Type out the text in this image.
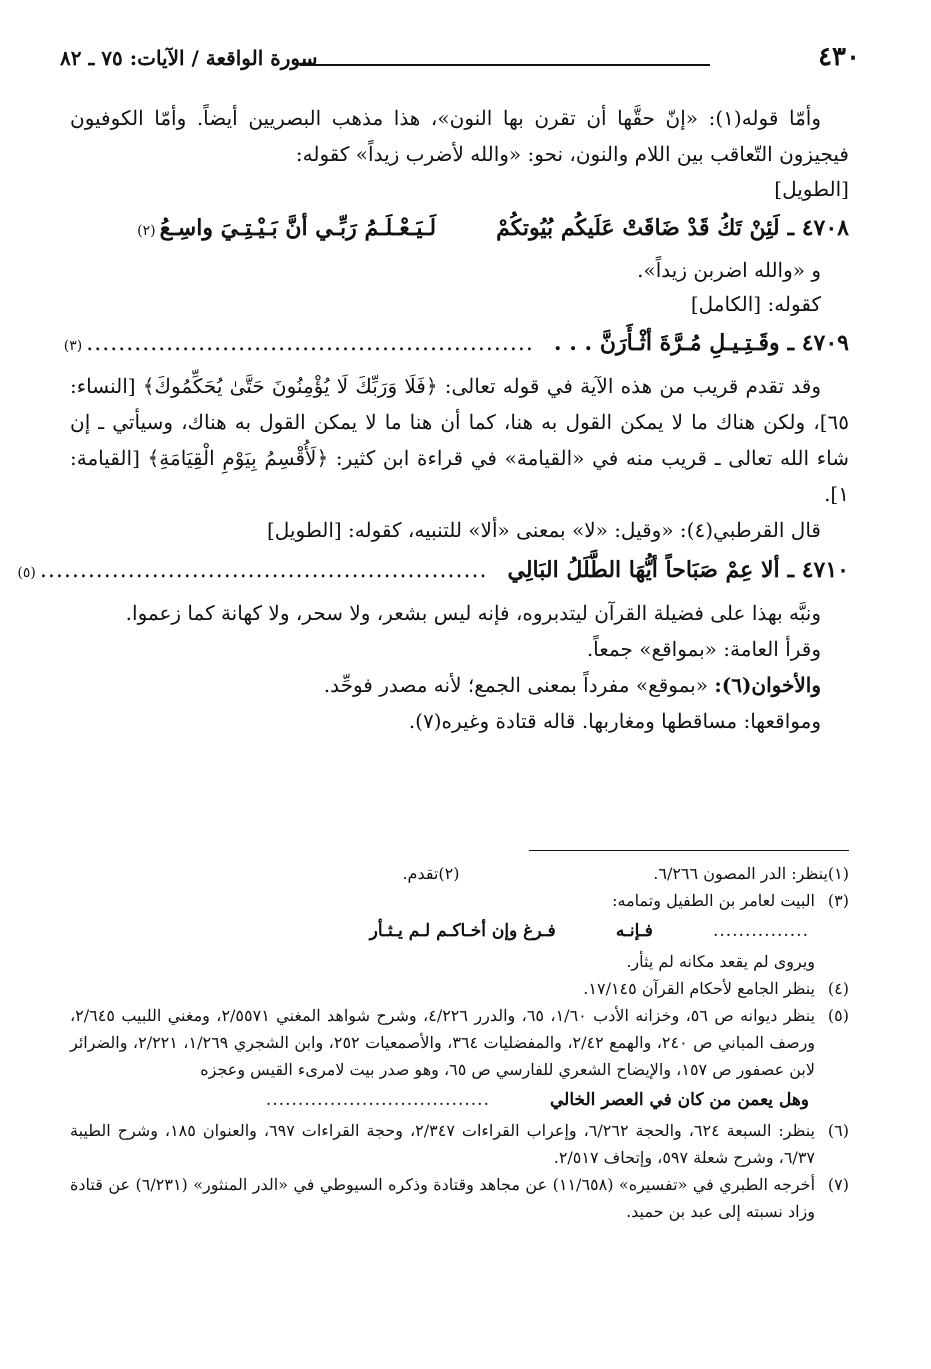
٤٣٠
سورة الواقعة / الآيات: ٧٥ ـ ٨٢

وأمّا قوله(١): «إنّ حقَّها أن تقرن بها النون»، هذا مذهب البصريين أيضاً. وأمّا الكوفيون فيجيزون التّعاقب بين اللام والنون، نحو: «والله لأضرب زيداً» كقوله:

[الطويل]
٤٧٠٨ ـ
لَئِنْ تَكُ قَدْ ضَاقَتْ عَلَيكُم بُيُوتكُمْ
لَـيَـعْـلَـمُ رَبِّـي أنَّ بَـيْـتِـيَ واسِـعُ
(٢)
و «والله اضربن زيداً».
كقوله: [الكامل]
٤٧٠٩ ـ
وقَـتِـيـلِ مُـرَّةَ أثْـأَرَنَّ . . .
........................................................
(٣)

وقد تقدم قريب من هذه الآية في قوله تعالى: ﴿فَلَا وَرَبِّكَ لَا يُؤْمِنُونَ حَتَّىٰ يُحَكِّمُوكَ﴾ [النساء: ٦٥]، ولكن هناك ما لا يمكن القول به هنا، كما أن هنا ما لا يمكن القول به هناك، وسيأتي ـ إن شاء الله تعالى ـ قريب منه في «القيامة» في قراءة ابن كثير: ﴿لَأُقْسِمُ بِيَوْمِ الْقِيَامَةِ﴾ [القيامة: ١].

قال القرطبي(٤): «وقيل: «لا» بمعنى «ألا» للتنبيه، كقوله: [الطويل]

٤٧١٠ ـ
ألا عِمْ صَبَاحاً أيُّهَا الطَّلَلُ البَالِي
........................................................
(٥)

ونبَّه بهذا على فضيلة القرآن ليتدبروه، فإنه ليس بشعر، ولا سحر، ولا كهانة كما زعموا.

وقرأ العامة: «بمواقع» جمعاً.

والأخوان(٦): «بموقع» مفرداً بمعنى الجمع؛ لأنه مصدر فوحِّد.

ومواقعها: مساقطها ومغاربها. قاله قتادة وغيره(٧).

(١)
ينظر: الدر المصون ٦/٢٦٦.
(٢)
تقدم.
(٣)
البيت لعامر بن الطفيل وتمامه:
...............
فـإنـه
فـرغ وإن أخـاكـم لـم يـثـأر
ويروى لم يقعد مكانه لم يثأر.
(٤)
ينظر الجامع لأحكام القرآن ١٧/١٤٥.
(٥)
ينظر ديوانه ص ٥٦، وخزانه الأدب ١/٦٠، ٦٥، والدرر ٤/٢٢٦، وشرح شواهد المغني ٢/٥٥٧١، ومغني اللبيب ٢/٦٤٥، ورصف المباني ص ٢٤٠، والهمع ٢/٤٢، والمفضليات ٣٦٤، والأصمعيات ٢٥٢، وابن الشجري ١/٢٦٩، ٢/٢٢١، والضرائر لابن عصفور ص ١٥٧، والإيضاح الشعري للفارسي ص ٦٥، وهو صدر بيت لامرىء القيس وعجزه
وهل يعمن من كان في العصر الخالي
...................................
(٦)
ينظر: السبعة ٦٢٤، والحجة ٦/٢٦٢، وإعراب القراءات ٢/٣٤٧، وحجة القراءات ٦٩٧، والعنوان ١٨٥، وشرح الطيبة ٦/٣٧، وشرح شعلة ٥٩٧، وإتحاف ٢/٥١٧.
(٧)
أخرجه الطبري في «تفسيره» (١١/٦٥٨) عن مجاهد وقتادة وذكره السيوطي في «الدر المنثور» (٦/٢٣١) عن قتادة وزاد نسبته إلى عبد بن حميد.
